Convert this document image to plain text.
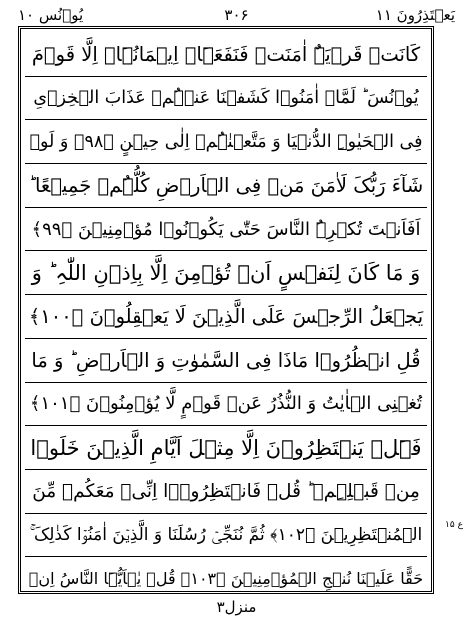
یُوۡنُس ۱۰	۳۰۶	یَعۡتَذِرُونَ ۱۱
کَانَتۡ قَرۡیَۃٌ اٰمَنَتۡ فَنَفَعَہَاۤ اِیۡمَانُہَاۤ اِلَّا قَوۡمَ
یُوۡنُسَ ؕ لَمَّاۤ اٰمَنُوۡا کَشَفۡنَا عَنۡہُمۡ عَذَابَ الۡخِزۡیِ
فِی الۡحَیٰوۃِ الدُّنۡیَا وَ مَتَّعۡنٰہُمۡ اِلٰی حِیۡنٍ ﴿۹۸﴾ وَ لَوۡ
شَآءَ رَبُّکَ لَاٰمَنَ مَنۡ فِی الۡاَرۡضِ کُلُّہُمۡ جَمِیۡعًا ؕ
اَفَاَنۡتَ تُکۡرِہُ النَّاسَ حَتّٰی یَکُوۡنُوۡا مُؤۡمِنِیۡنَ ﴿۹۹﴾
وَ مَا کَانَ لِنَفۡسٍ اَنۡ تُؤۡمِنَ اِلَّا بِاِذۡنِ اللّٰہِ ؕ وَ
یَجۡعَلُ الرِّجۡسَ عَلَی الَّذِیۡنَ لَا یَعۡقِلُوۡنَ ﴿۱۰۰﴾
قُلِ انۡظُرُوۡا مَاذَا فِی السَّمٰوٰتِ وَ الۡاَرۡضِ ؕ وَ مَا
تُغۡنِی الۡاٰیٰتُ وَ النُّذُرُ عَنۡ قَوۡمٍ لَّا یُؤۡمِنُوۡنَ ﴿۱۰۱﴾
فَہَلۡ یَنۡتَظِرُوۡنَ اِلَّا مِثۡلَ اَیَّامِ الَّذِیۡنَ خَلَوۡا
مِنۡ قَبۡلِہِمۡ ؕ قُلۡ فَانۡتَظِرُوۡۤا اِنِّیۡ مَعَکُمۡ مِّنَ
الۡمُنۡتَظِرِیۡنَ ﴿۱۰۲﴾ ثُمَّ نُنَجِّیۡ رُسُلَنَا وَ الَّذِیۡنَ اٰمَنُوۡا کَذٰلِکَ ۚ
حَقًّا عَلَیۡنَا نُنۡجِ الۡمُؤۡمِنِیۡنَ ﴿۱۰۳﴾ قُلۡ یٰۤاَیُّہَا النَّاسُ اِنۡ
ع ۱۵
منزل۳
